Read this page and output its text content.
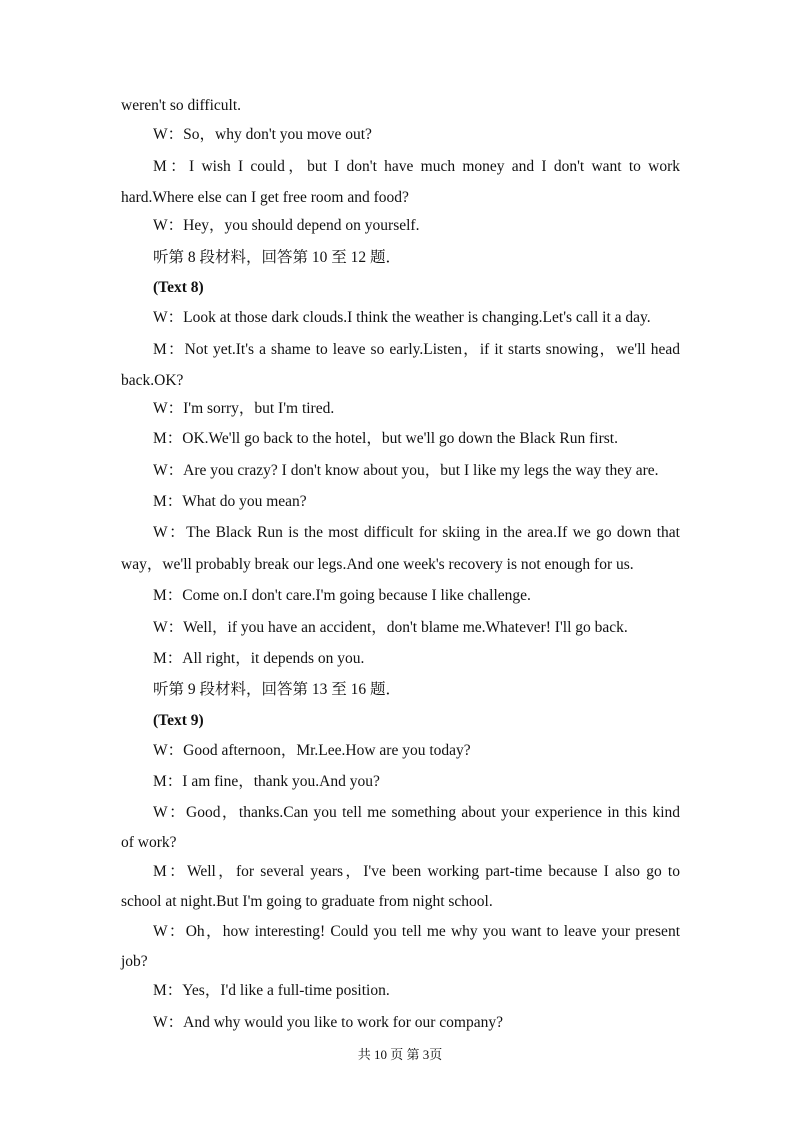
weren't so difficult.
W：So，why don't you move out?
M：I wish I could，but I don't have much money and I don't want to work
hard.Where else can I get free room and food?
W：Hey，you should depend on yourself.
听第 8 段材料，回答第 10 至 12 题．
(Text 8)
W：Look at those dark clouds.I think the weather is changing.Let's call it a day.
M：Not yet.It's a shame to leave so early.Listen，if it starts snowing，we'll head
back.OK?
W：I'm sorry，but I'm tired.
M：OK.We'll go back to the hotel，but we'll go down the Black Run first.
W：Are you crazy? I don't know about you，but I like my legs the way they are.
M：What do you mean?
W：The Black Run is the most difficult for skiing in the area.If we go down that
way，we'll probably break our legs.And one week's recovery is not enough for us.
M：Come on.I don't care.I'm going because I like challenge.
W：Well，if you have an accident，don't blame me.Whatever! I'll go back.
M：All right，it depends on you.
听第 9 段材料，回答第 13 至 16 题．
(Text 9)
W：Good afternoon，Mr.Lee.How are you today?
M：I am fine，thank you.And you?
W：Good，thanks.Can you tell me something about your experience in this kind
of work?
M：Well，for several years，I've been working part-time because I also go to
school at night.But I'm going to graduate from night school.
W：Oh，how interesting! Could you tell me why you want to leave your present
job?
M：Yes，I'd like a full-time position.
W：And why would you like to work for our company?
共 10 页 第 3页
